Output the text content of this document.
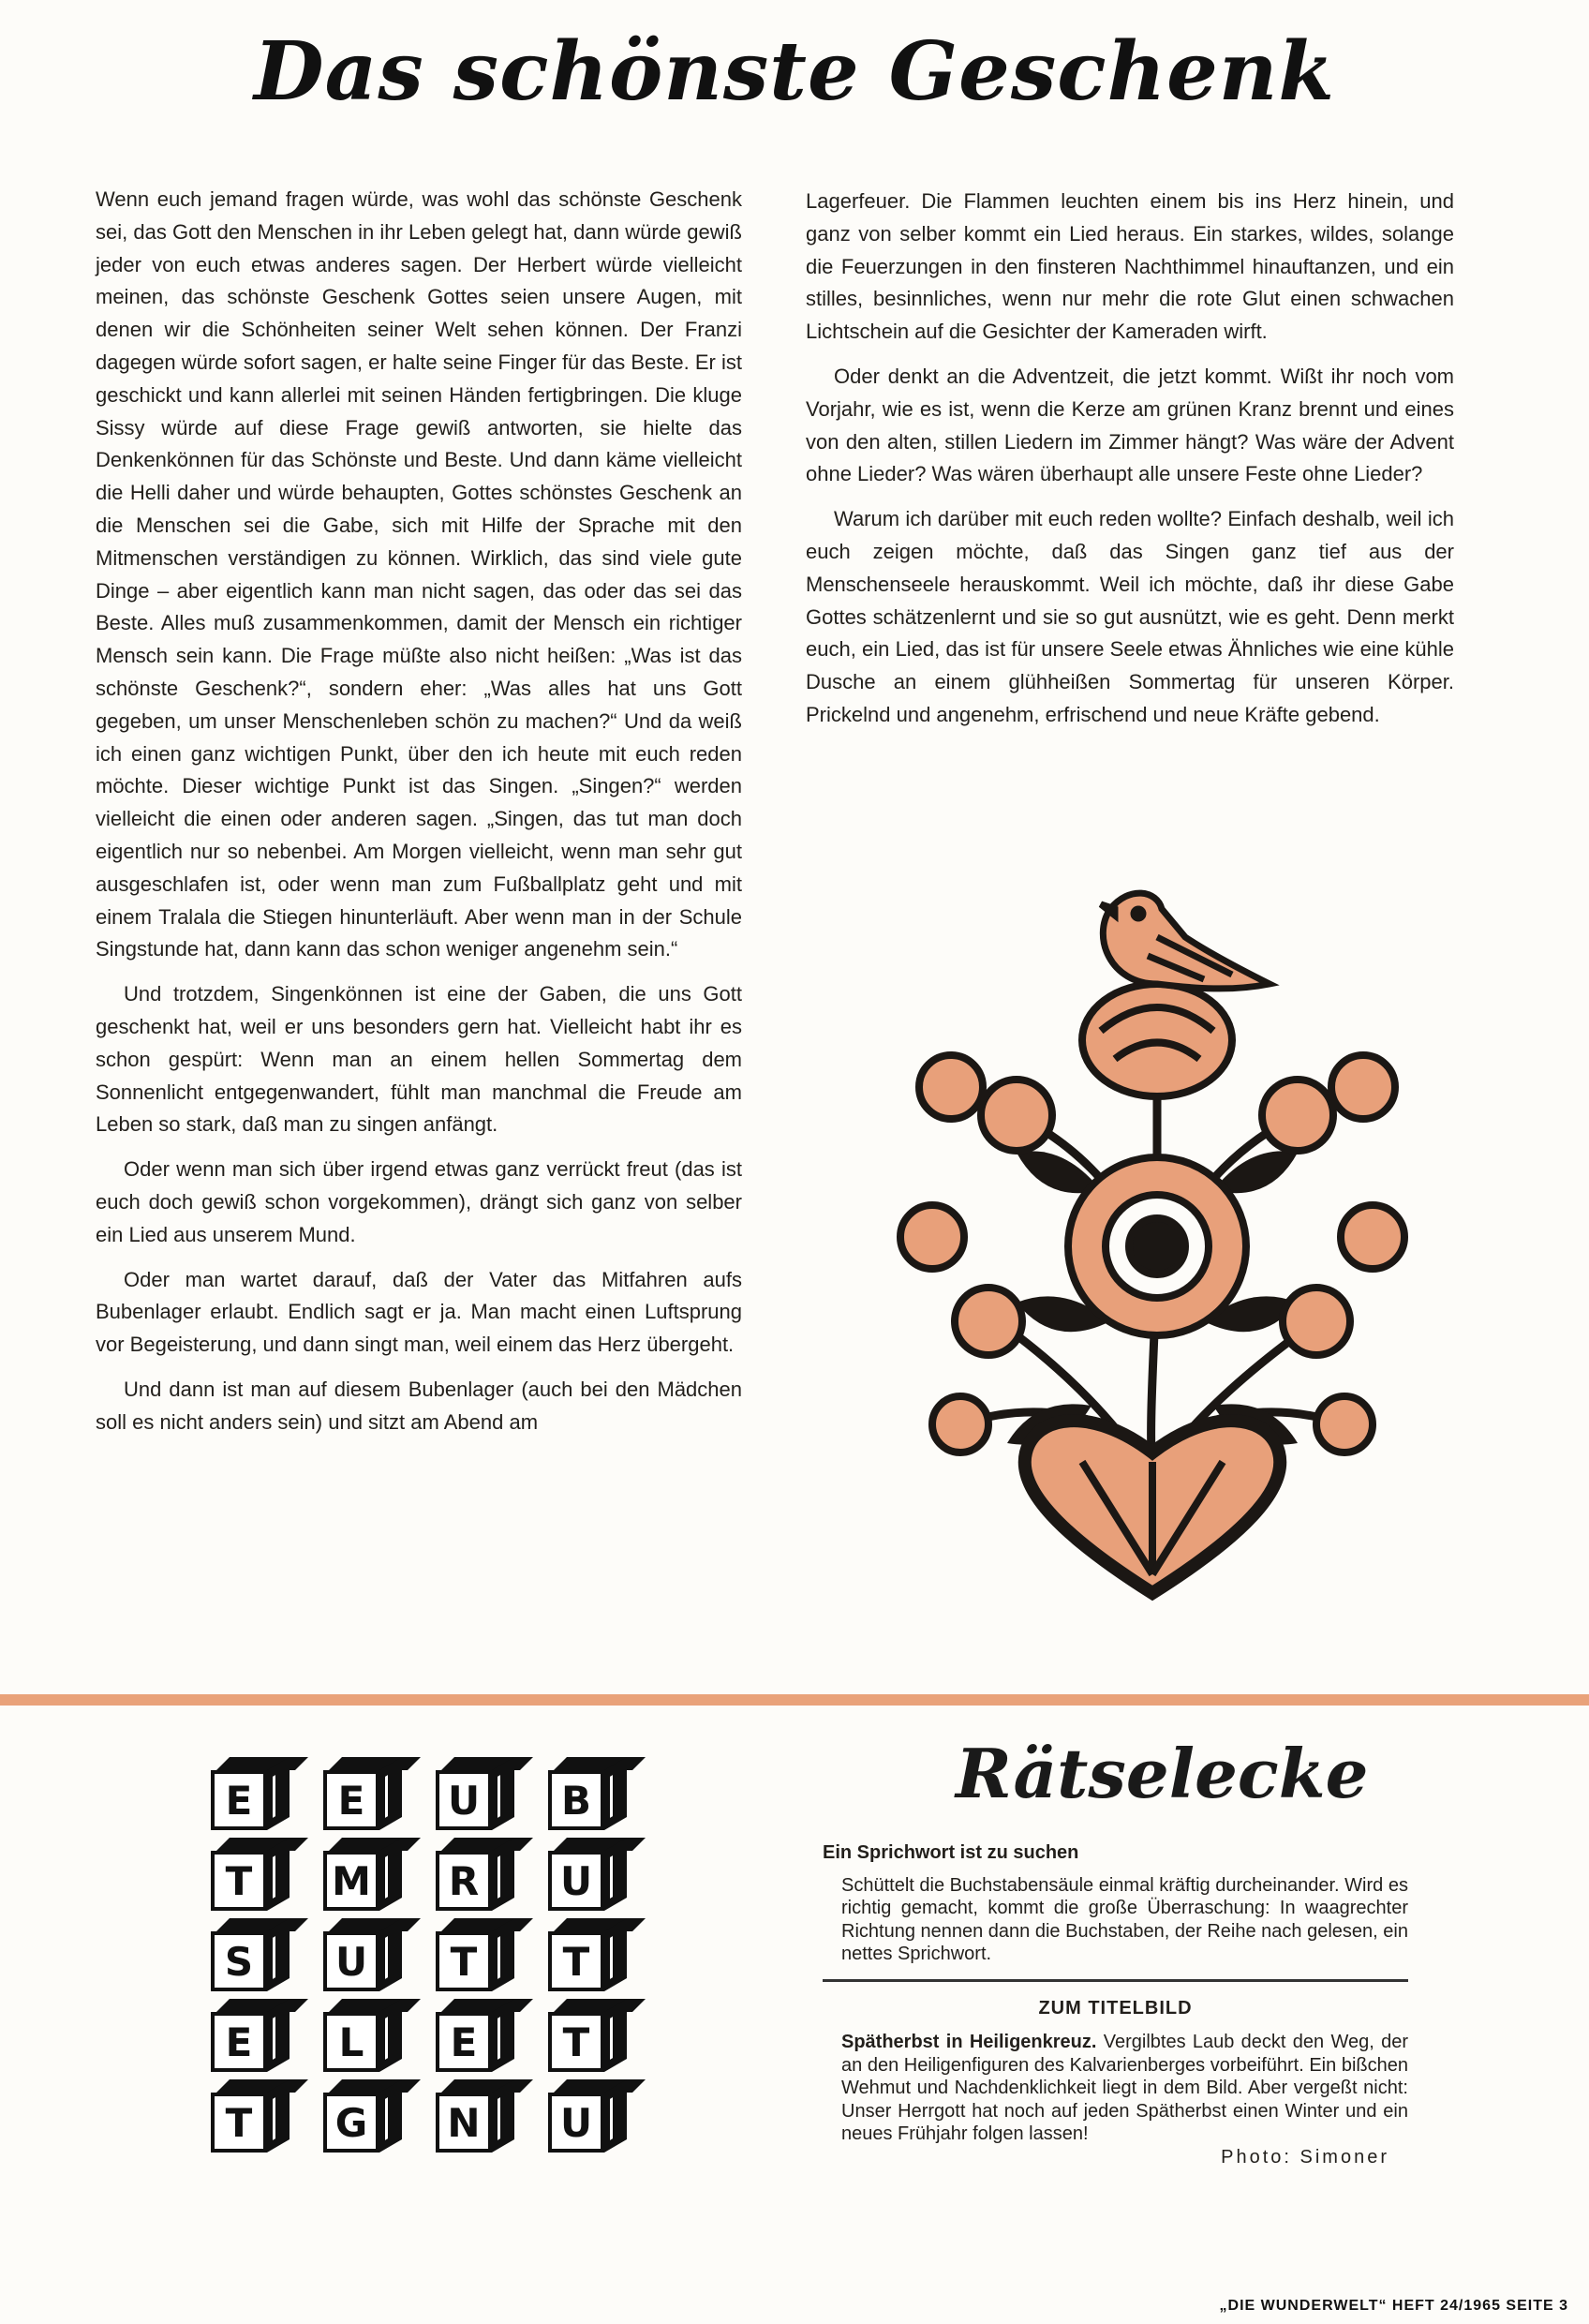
Das schönste Geschenk

Wenn euch jemand fragen würde, was wohl das schönste Geschenk sei, das Gott den Menschen in ihr Leben gelegt hat, dann würde gewiß jeder von euch etwas anderes sagen. Der Herbert würde vielleicht meinen, das schönste Geschenk Gottes seien unsere Augen, mit denen wir die Schönheiten seiner Welt sehen können. Der Franzi dagegen würde sofort sagen, er halte seine Finger für das Beste. Er ist geschickt und kann allerlei mit seinen Händen fertigbringen. Die kluge Sissy würde auf diese Frage gewiß antworten, sie hielte das Denkenkönnen für das Schönste und Beste. Und dann käme vielleicht die Helli daher und würde behaupten, Gottes schönstes Geschenk an die Menschen sei die Gabe, sich mit Hilfe der Sprache mit den Mitmenschen verständigen zu können. Wirklich, das sind viele gute Dinge – aber eigentlich kann man nicht sagen, das oder das sei das Beste. Alles muß zusammenkommen, damit der Mensch ein richtiger Mensch sein kann. Die Frage müßte also nicht heißen: „Was ist das schönste Geschenk?“, sondern eher: „Was alles hat uns Gott gegeben, um unser Menschenleben schön zu machen?“ Und da weiß ich einen ganz wichtigen Punkt, über den ich heute mit euch reden möchte. Dieser wichtige Punkt ist das Singen. „Singen?“ werden vielleicht die einen oder anderen sagen. „Singen, das tut man doch eigentlich nur so nebenbei. Am Morgen vielleicht, wenn man sehr gut ausgeschlafen ist, oder wenn man zum Fußballplatz geht und mit einem Tralala die Stiegen hinunterläuft. Aber wenn man in der Schule Singstunde hat, dann kann das schon weniger angenehm sein.“

Und trotzdem, Singenkönnen ist eine der Gaben, die uns Gott geschenkt hat, weil er uns besonders gern hat. Vielleicht habt ihr es schon gespürt: Wenn man an einem hellen Sommertag dem Sonnenlicht entgegenwandert, fühlt man manchmal die Freude am Leben so stark, daß man zu singen anfängt.

Oder wenn man sich über irgend etwas ganz verrückt freut (das ist euch doch gewiß schon vorgekommen), drängt sich ganz von selber ein Lied aus unserem Mund.

Oder man wartet darauf, daß der Vater das Mitfahren aufs Bubenlager erlaubt. Endlich sagt er ja. Man macht einen Luftsprung vor Begeisterung, und dann singt man, weil einem das Herz übergeht.

Und dann ist man auf diesem Bubenlager (auch bei den Mädchen soll es nicht anders sein) und sitzt am Abend am

Lagerfeuer. Die Flammen leuchten einem bis ins Herz hinein, und ganz von selber kommt ein Lied heraus. Ein starkes, wildes, solange die Feuerzungen in den finsteren Nachthimmel hinauftanzen, und ein stilles, besinnliches, wenn nur mehr die rote Glut einen schwachen Lichtschein auf die Gesichter der Kameraden wirft.

Oder denkt an die Adventzeit, die jetzt kommt. Wißt ihr noch vom Vorjahr, wie es ist, wenn die Kerze am grünen Kranz brennt und eines von den alten, stillen Liedern im Zimmer hängt? Was wäre der Advent ohne Lieder? Was wären überhaupt alle unsere Feste ohne Lieder?

Warum ich darüber mit euch reden wollte? Einfach deshalb, weil ich euch zeigen möchte, daß das Singen ganz tief aus der Menschenseele herauskommt. Weil ich möchte, daß ihr diese Gabe Gottes schätzenlernt und sie so gut ausnützt, wie es geht. Denn merkt euch, ein Lied, das ist für unsere Seele etwas Ähnliches wie eine kühle Dusche an einem glühheißen Sommertag für unseren Körper. Prickelnd und angenehm, erfrischend und neue Kräfte gebend.

E
T
S
E
T
E
M
U
L
G
U
R
T
E
N
B
U
T
T
U
Rätselecke
Ein Sprichwort ist zu suchen

Schüttelt die Buchstabensäule einmal kräftig durcheinander. Wird es richtig gemacht, kommt die große Überraschung: In waagrechter Richtung nennen dann die Buchstaben, der Reihe nach gelesen, ein nettes Sprichwort.

ZUM TITELBILD

Spätherbst in Heiligenkreuz. Vergilbtes Laub deckt den Weg, der an den Heiligenfiguren des Kalvarienberges vorbeiführt. Ein bißchen Wehmut und Nachdenklichkeit liegt in dem Bild. Aber vergeßt nicht: Unser Herrgott hat noch auf jeden Spätherbst einen Winter und ein neues Frühjahr folgen lassen!

Photo: Simoner
„DIE WUNDERWELT“ HEFT 24/1965 SEITE 3
